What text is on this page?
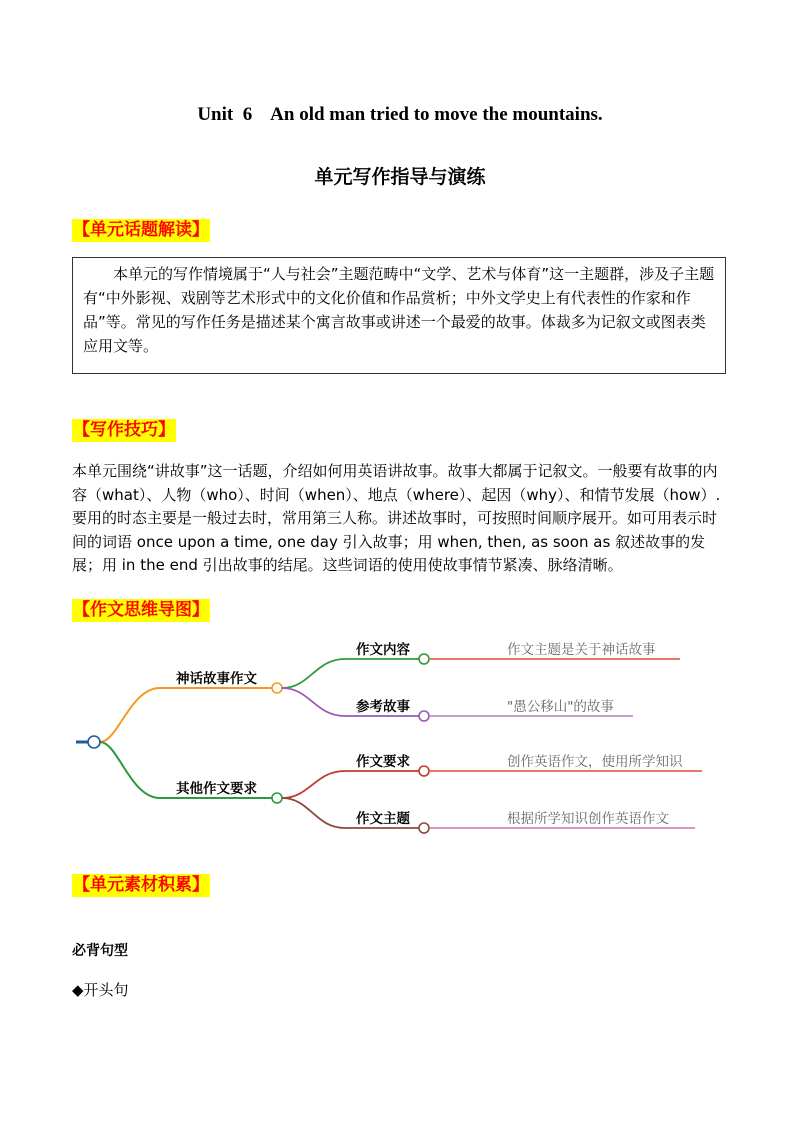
Unit  6    An old man tried to move the mountains.
单元写作指导与演练
【单元话题解读】

本单元的写作情境属于“人与社会”主题范畴中“文学、艺术与体育”这一主题群，涉及子主题有“中外影视、戏剧等艺术形式中的文化价值和作品赏析；中外文学史上有代表性的作家和作品”等。常见的写作任务是描述某个寓言故事或讲述一个最爱的故事。体裁多为记叙文或图表类应用文等。

【写作技巧】

本单元围绕“讲故事”这一话题，介绍如何用英语讲故事。故事大都属于记叙文。一般要有故事的内容（what）、人物（who）、时间（when）、地点（where）、起因（why）、和情节发展（how）.要用的时态主要是一般过去时，常用第三人称。讲述故事时，可按照时间顺序展开。如可用表示时间的词语 once upon a time, one day 引入故事；用 when, then, as soon as 叙述故事的发展；用 in the end 引出故事的结尾。这些词语的使用使故事情节紧凑、脉络清晰。

【作文思维导图】
神话故事作文
其他作文要求
作文内容
参考故事
作文要求
作文主题
作文主题是关于神话故事
"愚公移山"的故事
创作英语作文，使用所学知识
根据所学知识创作英语作文
【单元素材积累】
必背句型
◆开头句
